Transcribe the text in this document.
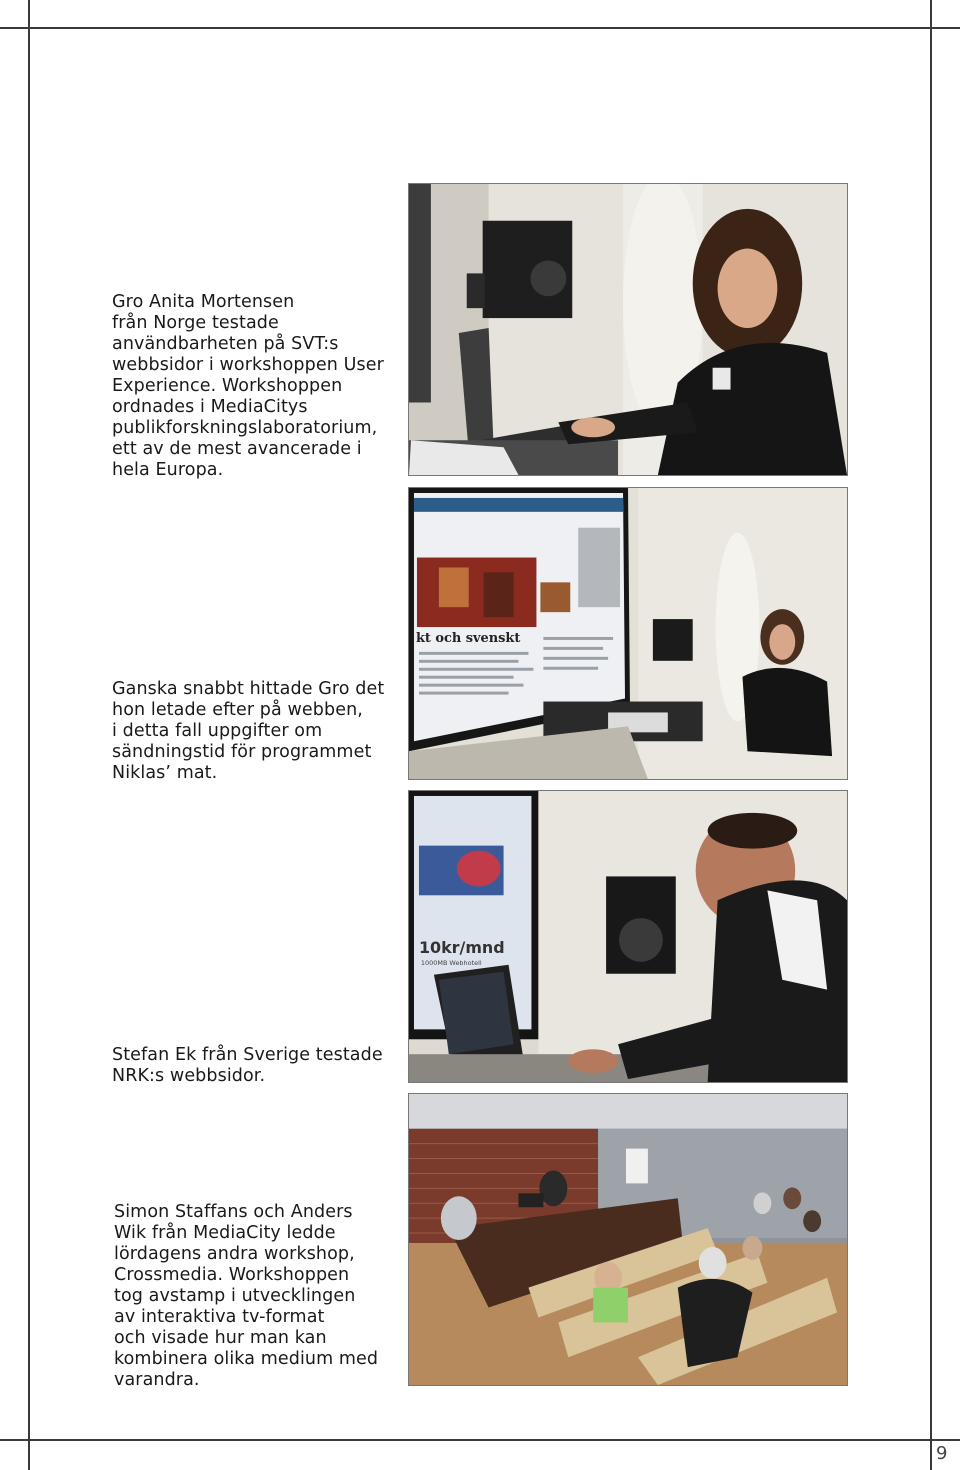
Gro Anita Mortensen
från Norge testade
användbarheten på SVT:s
webbsidor i workshoppen User
Experience. Workshoppen
ordnades i MediaCitys
publikforskningslaboratorium,
ett av de mest avancerade i
hela Europa.
Ganska snabbt hittade Gro det
hon letade efter på webben,
i detta fall uppgifter om
sändningstid för programmet
Niklas’ mat.
Stefan Ek från Sverige testade
NRK:s webbsidor.
Simon Staffans och Anders
Wik från MediaCity ledde
lördagens andra workshop,
Crossmedia. Workshoppen
tog avstamp i utvecklingen
av interaktiva tv-format
och visade hur man kan
kombinera olika medium med
varandra.
kt och svenskt
10kr/mnd
1000MB Webhotell
9
